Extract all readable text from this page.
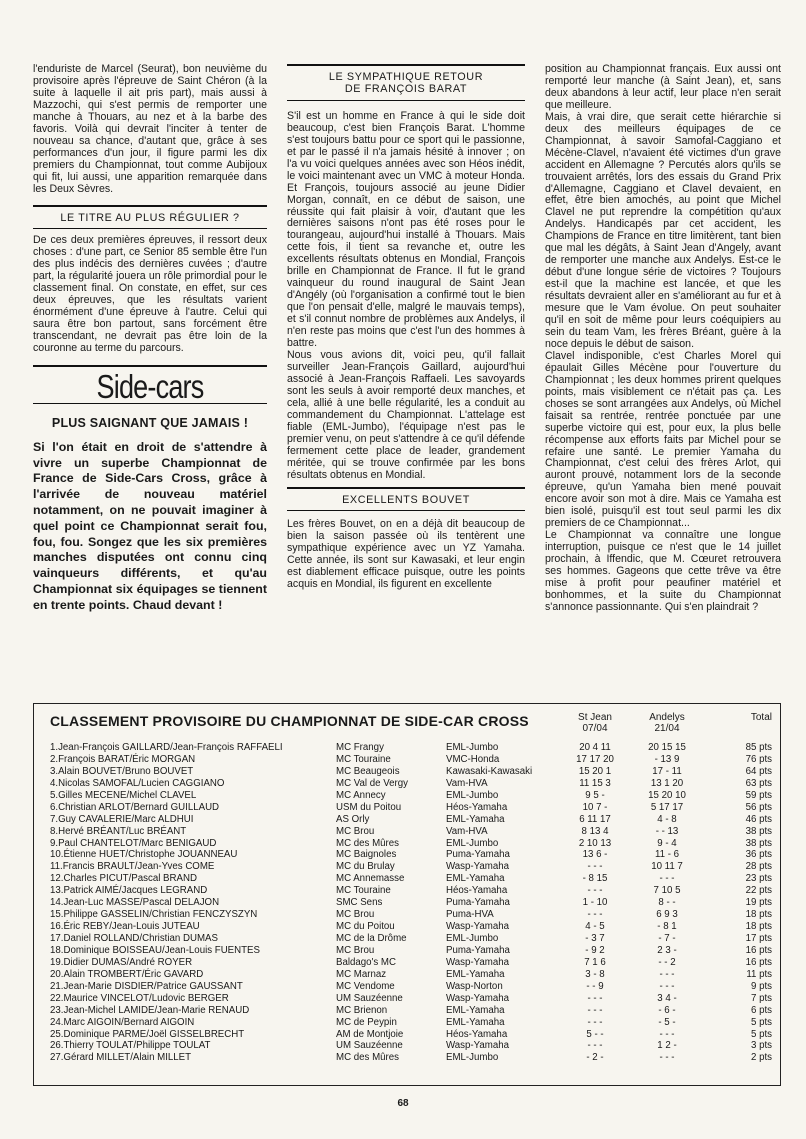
l'enduriste de Marcel (Seurat), bon neuvième du provisoire après l'épreuve de Saint Chéron (à la suite à laquelle il ait pris part), mais aussi à Mazzochi, qui s'est permis de remporter une manche à Thouars, au nez et à la barbe des favoris. Voilà qui devrait l'inciter à tenter de nouveau sa chance, d'autant que, grâce à ses performances d'un jour, il figure parmi les dix premiers du Championnat, tout comme Aubijoux qui fit, lui aussi, une apparition remarquée dans les Deux Sèvres.

LE TITRE AU PLUS RÉGULIER ?

De ces deux premières épreuves, il ressort deux choses : d'une part, ce Senior 85 semble être l'un des plus indécis des dernières cuvées ; d'autre part, la régularité jouera un rôle primordial pour le classement final. On constate, en effet, sur ces deux épreuves, que les résultats varient énormément d'une épreuve à l'autre. Celui qui saura être bon partout, sans forcément être transcendant, ne devrait pas être loin de la couronne au terme du parcours.

Side-cars
PLUS SAIGNANT QUE JAMAIS !

Si l'on était en droit de s'attendre à vivre un superbe Championnat de France de Side-Cars Cross, grâce à l'arrivée de nouveau matériel notamment, on ne pouvait imaginer à quel point ce Championnat serait fou, fou, fou. Songez que les six premières manches disputées ont connu cinq vainqueurs différents, et qu'au Championnat six équipages se tiennent en trente points. Chaud devant !

LE SYMPATHIQUE RETOUR
DE FRANÇOIS BARAT

S'il est un homme en France à qui le side doit beaucoup, c'est bien François Barat. L'homme s'est toujours battu pour ce sport qui le passionne, et par le passé il n'a jamais hésité à innover ; on l'a vu voici quelques années avec son Héos inédit, le voici maintenant avec un VMC à moteur Honda. Et François, toujours associé au jeune Didier Morgan, connaît, en ce début de saison, une réussite qui fait plaisir à voir, d'autant que les dernières saisons n'ont pas été roses pour le tourangeau, aujourd'hui installé à Thouars. Mais cette fois, il tient sa revanche et, outre les excellents résultats obtenus en Mondial, François brille en Championnat de France. Il fut le grand vainqueur du round inaugural de Saint Jean d'Angély (où l'organisation a confirmé tout le bien que l'on pensait d'elle, malgré le mauvais temps), et s'il connut nombre de problèmes aux Andelys, il n'en reste pas moins que c'est l'un des hommes à battre.

Nous vous avions dit, voici peu, qu'il fallait surveiller Jean-François Gaillard, aujourd'hui associé à Jean-François Raffaeli. Les savoyards sont les seuls à avoir remporté deux manches, et cela, allié à une belle régularité, les a conduit au commandement du Championnat. L'attelage est fiable (EML-Jumbo), l'équipage n'est pas le premier venu, on peut s'attendre à ce qu'il défende fermement cette place de leader, grandement méritée, qui se trouve confirmée par les bons résultats obtenus en Mondial.

EXCELLENTS BOUVET

Les frères Bouvet, on en a déjà dit beaucoup de bien la saison passée où ils tentèrent une sympathique expérience avec un YZ Yamaha. Cette année, ils sont sur Kawasaki, et leur engin est diablement efficace puisque, outre les points acquis en Mondial, ils figurent en excellente

position au Championnat français. Eux aussi ont remporté leur manche (à Saint Jean), et, sans deux abandons à leur actif, leur place n'en serait que meilleure.

Mais, à vrai dire, que serait cette hiérarchie si deux des meilleurs équipages de ce Championnat, à savoir Samofal-Caggiano et Mécène-Clavel, n'avaient été victimes d'un grave accident en Allemagne ? Percutés alors qu'ils se trouvaient arrêtés, lors des essais du Grand Prix d'Allemagne, Caggiano et Clavel devaient, en effet, être bien amochés, au point que Michel Clavel ne put reprendre la compétition qu'aux Andelys. Handicapés par cet accident, les Champions de France en titre limitèrent, tant bien que mal les dégâts, à Saint Jean d'Angely, avant de remporter une manche aux Andelys. Est-ce le début d'une longue série de victoires ? Toujours est-il que la machine est lancée, et que les résultats devraient aller en s'améliorant au fur et à mesure que le Vam évolue. On peut souhaiter qu'il en soit de même pour leurs coéquipiers au sein du team Vam, les frères Bréant, guère à la noce depuis le début de saison.

Clavel indisponible, c'est Charles Morel qui épaulait Gilles Mécène pour l'ouverture du Championnat ; les deux hommes prirent quelques points, mais visiblement ce n'était pas ça. Les choses se sont arrangées aux Andelys, où Michel faisait sa rentrée, rentrée ponctuée par une superbe victoire qui est, pour eux, la plus belle récompense aux efforts faits par Michel pour se refaire une santé. Le premier Yamaha du Championnat, c'est celui des frères Arlot, qui auront prouvé, notamment lors de la seconde épreuve, qu'un Yamaha bien mené pouvait encore avoir son mot à dire. Mais ce Yamaha est bien isolé, puisqu'il est tout seul parmi les dix premiers de ce Championnat...

Le Championnat va connaître une longue interruption, puisque ce n'est que le 14 juillet prochain, à Iffendic, que M. Cœuret retrouvera ses hommes. Gageons que cette trêve va être mise à profit pour peaufiner matériel et bonhommes, et la suite du Championnat s'annonce passionnante. Qui s'en plaindrait ?

CLASSEMENT PROVISOIRE DU CHAMPIONNAT DE SIDE-CAR CROSS	St Jean
07/04
Andelys
21/04
Total
1.Jean-François GAILLARD/Jean-François RAFFAELI	MC Frangy	EML-Jumbo	20 4 11	20 15 15	85 pts
2.François BARAT/Éric MORGAN	MC Touraine	VMC-Honda	17 17 20	- 13 9	76 pts
3.Alain BOUVET/Bruno BOUVET	MC Beaugeois	Kawasaki-Kawasaki	15 20 1	17 - 11	64 pts
4.Nicolas SAMOFAL/Lucien CAGGIANO	MC Val de Vergy	Vam-HVA	11 15 3	13 1 20	63 pts
5.Gilles MECENE/Michel CLAVEL	MC Annecy	EML-Jumbo	9 5 -	15 20 10	59 pts
6.Christian ARLOT/Bernard GUILLAUD	USM du Poitou	Héos-Yamaha	10 7 -	5 17 17	56 pts
7.Guy CAVALERIE/Marc ALDHUI	AS Orly	EML-Yamaha	6 11 17	4 - 8	46 pts
8.Hervé BRÉANT/Luc BRÉANT	MC Brou	Vam-HVA	8 13 4	- - 13	38 pts
9.Paul CHANTELOT/Marc BENIGAUD	MC des Mûres	EML-Jumbo	2 10 13	9 - 4	38 pts
10.Étienne HUET/Christophe JOUANNEAU	MC Baignoles	Puma-Yamaha	13 6 -	11 - 6	36 pts
11.Francis BRAULT/Jean-Yves COME	MC du Brulay	Wasp-Yamaha	- - -	10 11 7	28 pts
12.Charles PICUT/Pascal BRAND	MC Annemasse	EML-Yamaha	- 8 15	- - -	23 pts
13.Patrick AIMÉ/Jacques LEGRAND	MC Touraine	Héos-Yamaha	- - -	7 10 5	22 pts
14.Jean-Luc MASSE/Pascal DELAJON	SMC Sens	Puma-Yamaha	1 - 10	8 - -	19 pts
15.Philippe GASSELIN/Christian FENCZYSZYN	MC Brou	Puma-HVA	- - -	6 9 3	18 pts
16.Éric REBY/Jean-Louis JUTEAU	MC du Poitou	Wasp-Yamaha	4 - 5	- 8 1	18 pts
17.Daniel ROLLAND/Christian DUMAS	MC de la Drôme	EML-Jumbo	- 3 7	- 7 -	17 pts
18.Dominique BOISSEAU/Jean-Louis FUENTES	MC Brou	Puma-Yamaha	- 9 2	2 3 -	16 pts
19.Didier DUMAS/André ROYER	Baldago's MC	Wasp-Yamaha	7 1 6	- - 2	16 pts
20.Alain TROMBERT/Éric GAVARD	MC Marnaz	EML-Yamaha	3 - 8	- - -	11 pts
21.Jean-Marie DISDIER/Patrice GAUSSANT	MC Vendome	Wasp-Norton	- - 9	- - -	9 pts
22.Maurice VINCELOT/Ludovic BERGER	UM Sauzéenne	Wasp-Yamaha	- - -	3 4 -	7 pts
23.Jean-Michel LAMIDE/Jean-Marie RENAUD	MC Brienon	EML-Yamaha	- - -	- 6 -	6 pts
24.Marc AIGOIN/Bernard AIGOIN	MC de Peypin	EML-Yamaha	- - -	- 5 -	5 pts
25.Dominique PARME/Joël GISSELBRECHT	AM de Montjoie	Héos-Yamaha	5 - -	- - -	5 pts
26.Thierry TOULAT/Philippe TOULAT	UM Sauzéenne	Wasp-Yamaha	- - -	1 2 -	3 pts
27.Gérard MILLET/Alain MILLET	MC des Mûres	EML-Jumbo	- 2 -	- - -	2 pts
68
